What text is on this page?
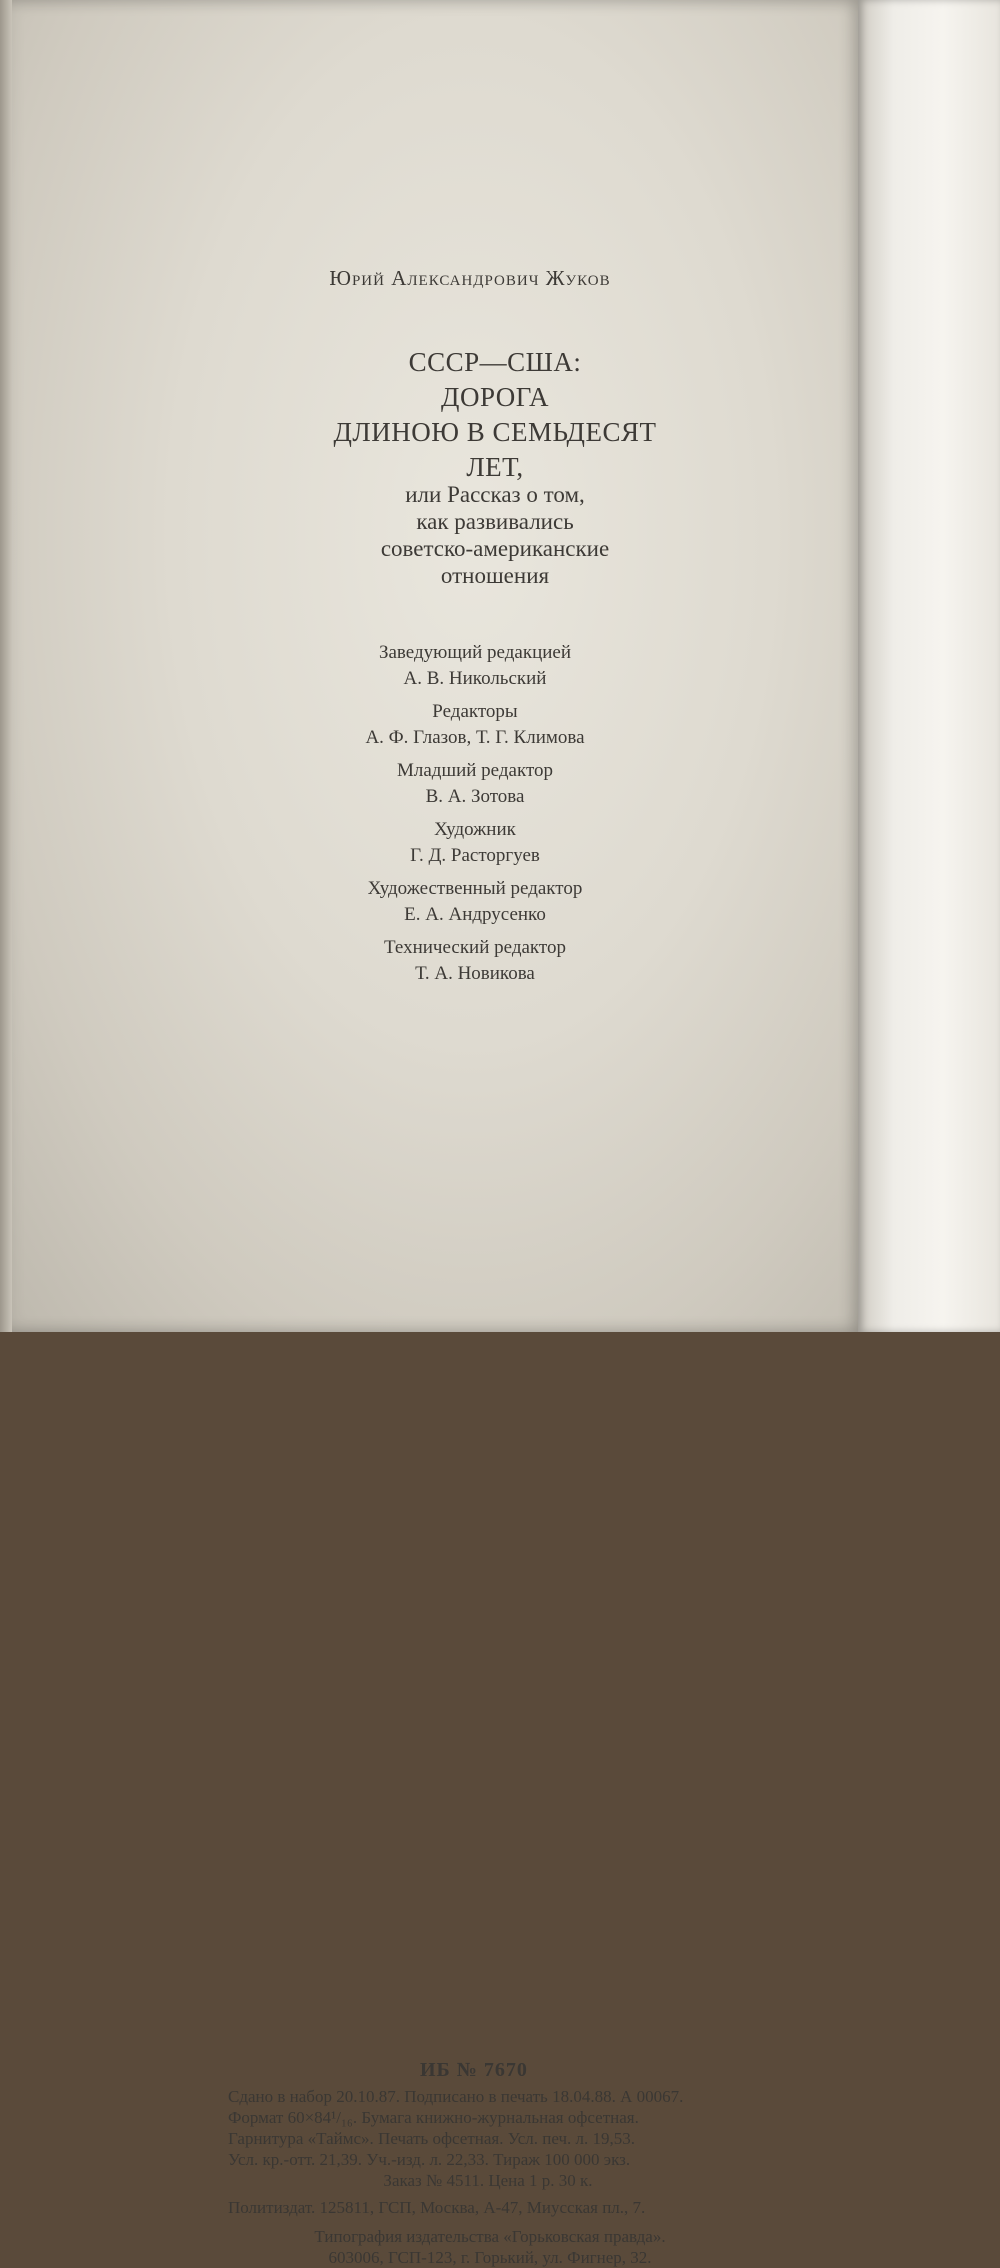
Юрий Александрович Жуков
СССР—США:
ДОРОГА
ДЛИНОЮ В СЕМЬДЕСЯТ
ЛЕТ,
или Рассказ о том,
как развивались
советско-американские
отношения
Заведующий редакцией
А. В. Никольский
Редакторы
А. Ф. Глазов, Т. Г. Климова
Младший редактор
В. А. Зотова
Художник
Г. Д. Расторгуев
Художественный редактор
Е. А. Андрусенко
Технический редактор
Т. А. Новикова
ИБ № 7670
Сдано в набор 20.10.87. Подписано в печать 18.04.88. А 00067.
Формат 60×84¹/₁₆. Бумага книжно-журнальная офсетная.
Гарнитура «Таймс». Печать офсетная. Усл. печ. л. 19,53.
Усл. кр.-отт. 21,39. Уч.-изд. л. 22,33. Тираж 100 000 экз.
Заказ № 4511. Цена 1 р. 30 к.
Политиздат. 125811, ГСП, Москва, А-47, Миусская пл., 7.
Типография издательства «Горьковская правда».
603006, ГСП-123, г. Горький, ул. Фигнер, 32.
